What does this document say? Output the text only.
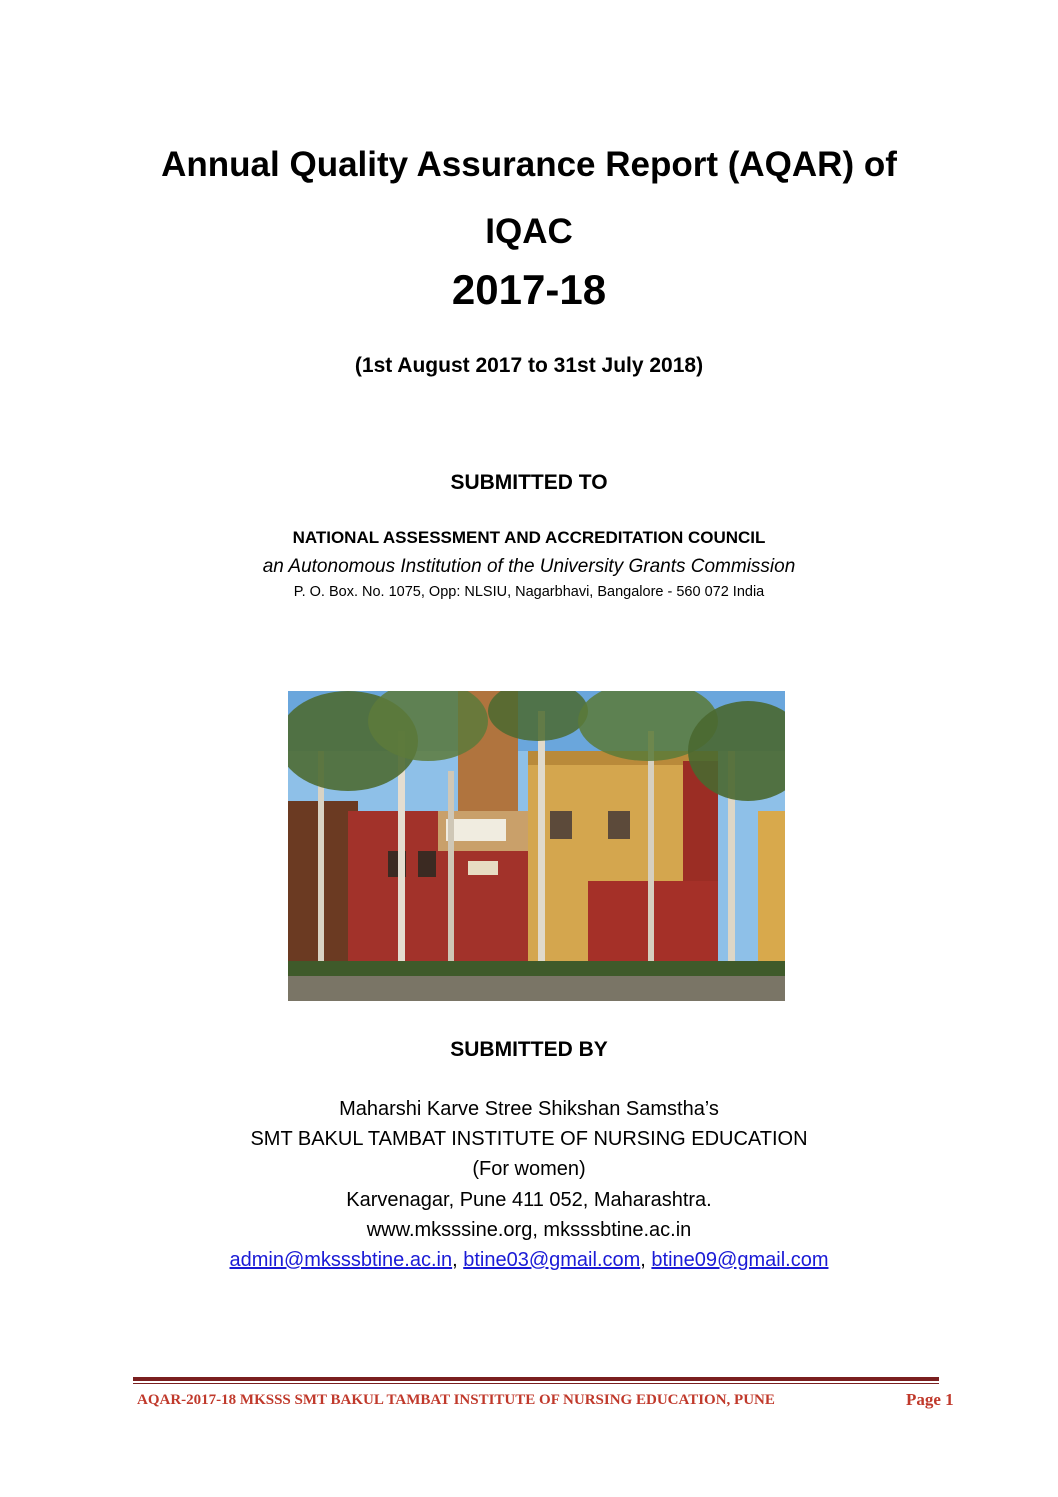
Annual Quality Assurance Report (AQAR) of
IQAC
2017-18
(1st August 2017 to 31st July 2018)
SUBMITTED TO
NATIONAL ASSESSMENT AND ACCREDITATION COUNCIL
an Autonomous Institution of the University Grants Commission
P. O. Box. No. 1075, Opp: NLSIU, Nagarbhavi, Bangalore - 560 072 India
SUBMITTED BY
Maharshi Karve Stree Shikshan Samstha’s
SMT BAKUL TAMBAT INSTITUTE OF NURSING EDUCATION
(For women)
Karvenagar, Pune 411 052, Maharashtra.
www.mksssine.org, mksssbtine.ac.in
admin@mksssbtine.ac.in, btine03@gmail.com, btine09@gmail.com
AQAR-2017-18 MKSSS SMT BAKUL TAMBAT INSTITUTE OF NURSING EDUCATION, PUNE	Page 1
